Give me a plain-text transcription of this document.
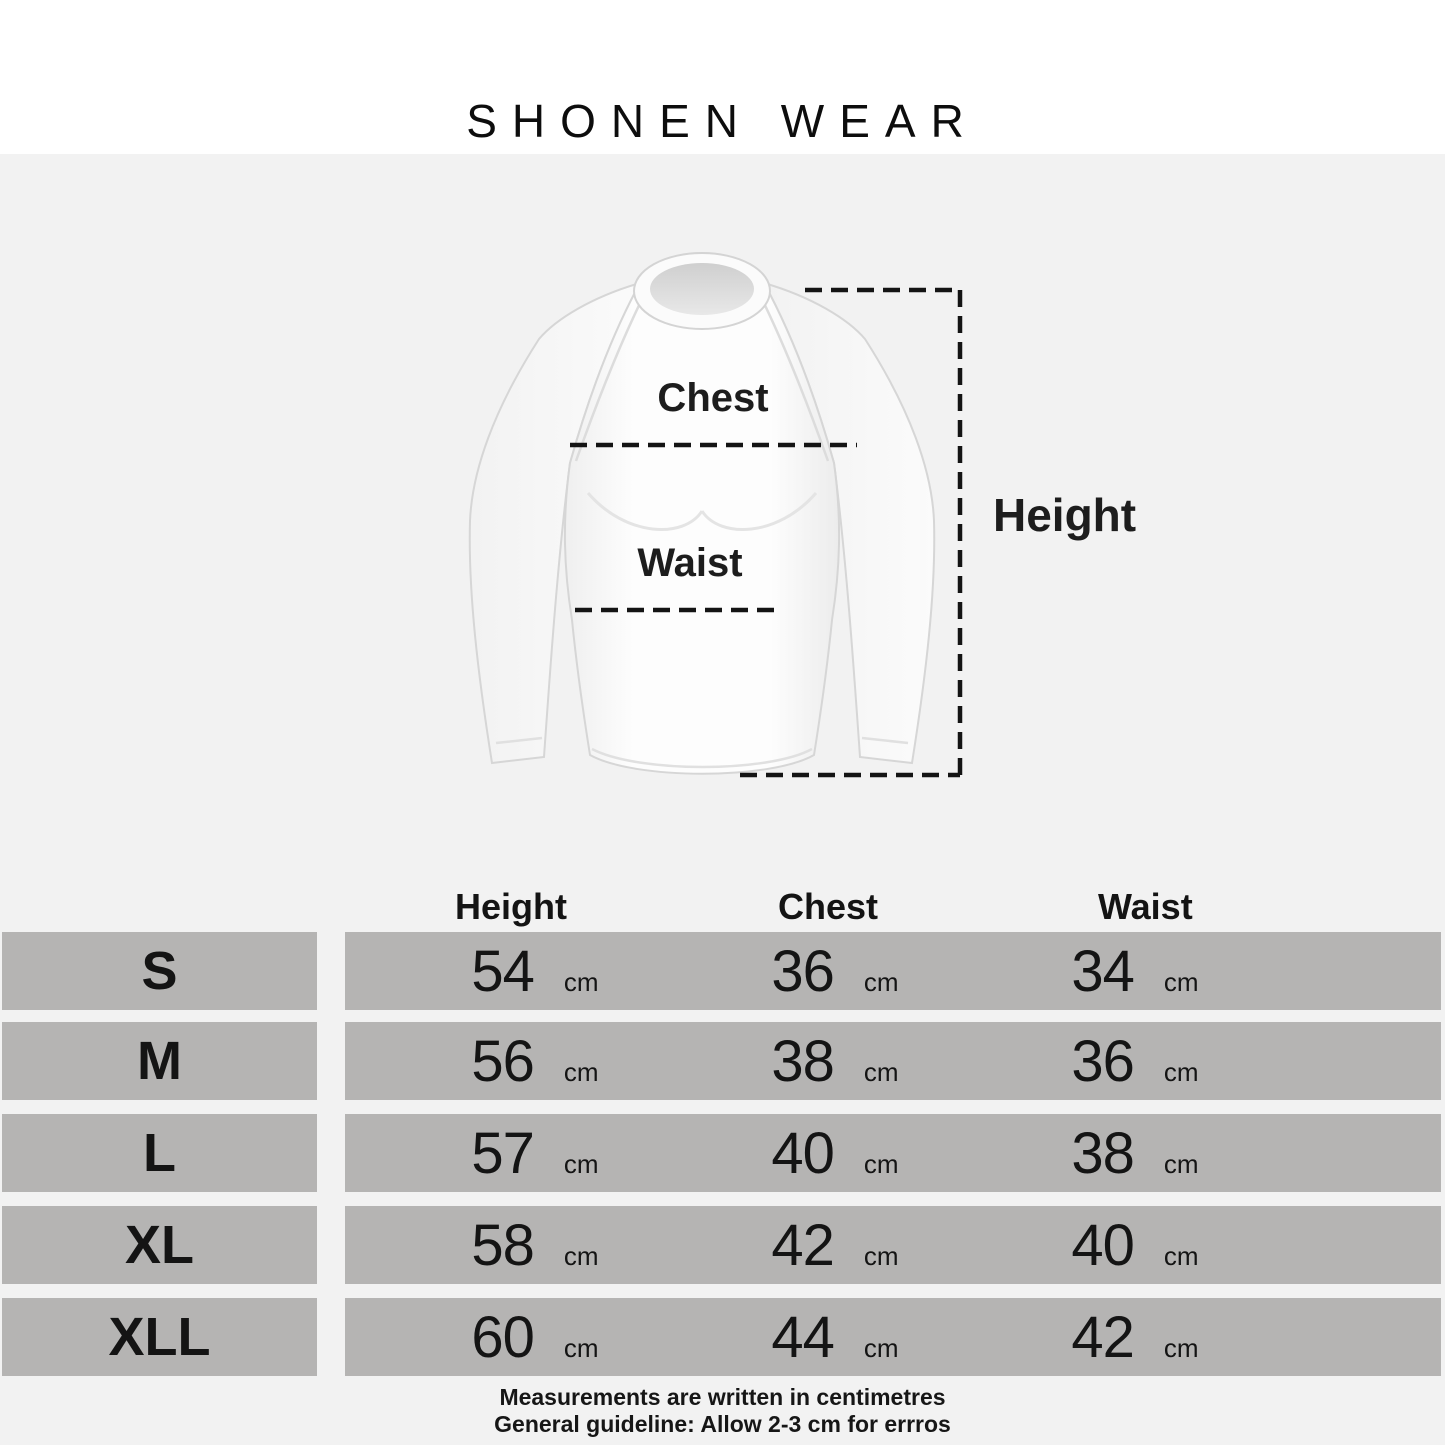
SHONEN WEAR
Chest
Waist
Height
Height	Chest	Waist
S	54 cm	36 cm	34 cm
M	56 cm	38 cm	36 cm
L	57 cm	40 cm	38 cm
XL	58 cm	42 cm	40 cm
XLL	60 cm	44 cm	42 cm
Measurements are written in centimetres
General guideline: Allow 2-3 cm for errros
